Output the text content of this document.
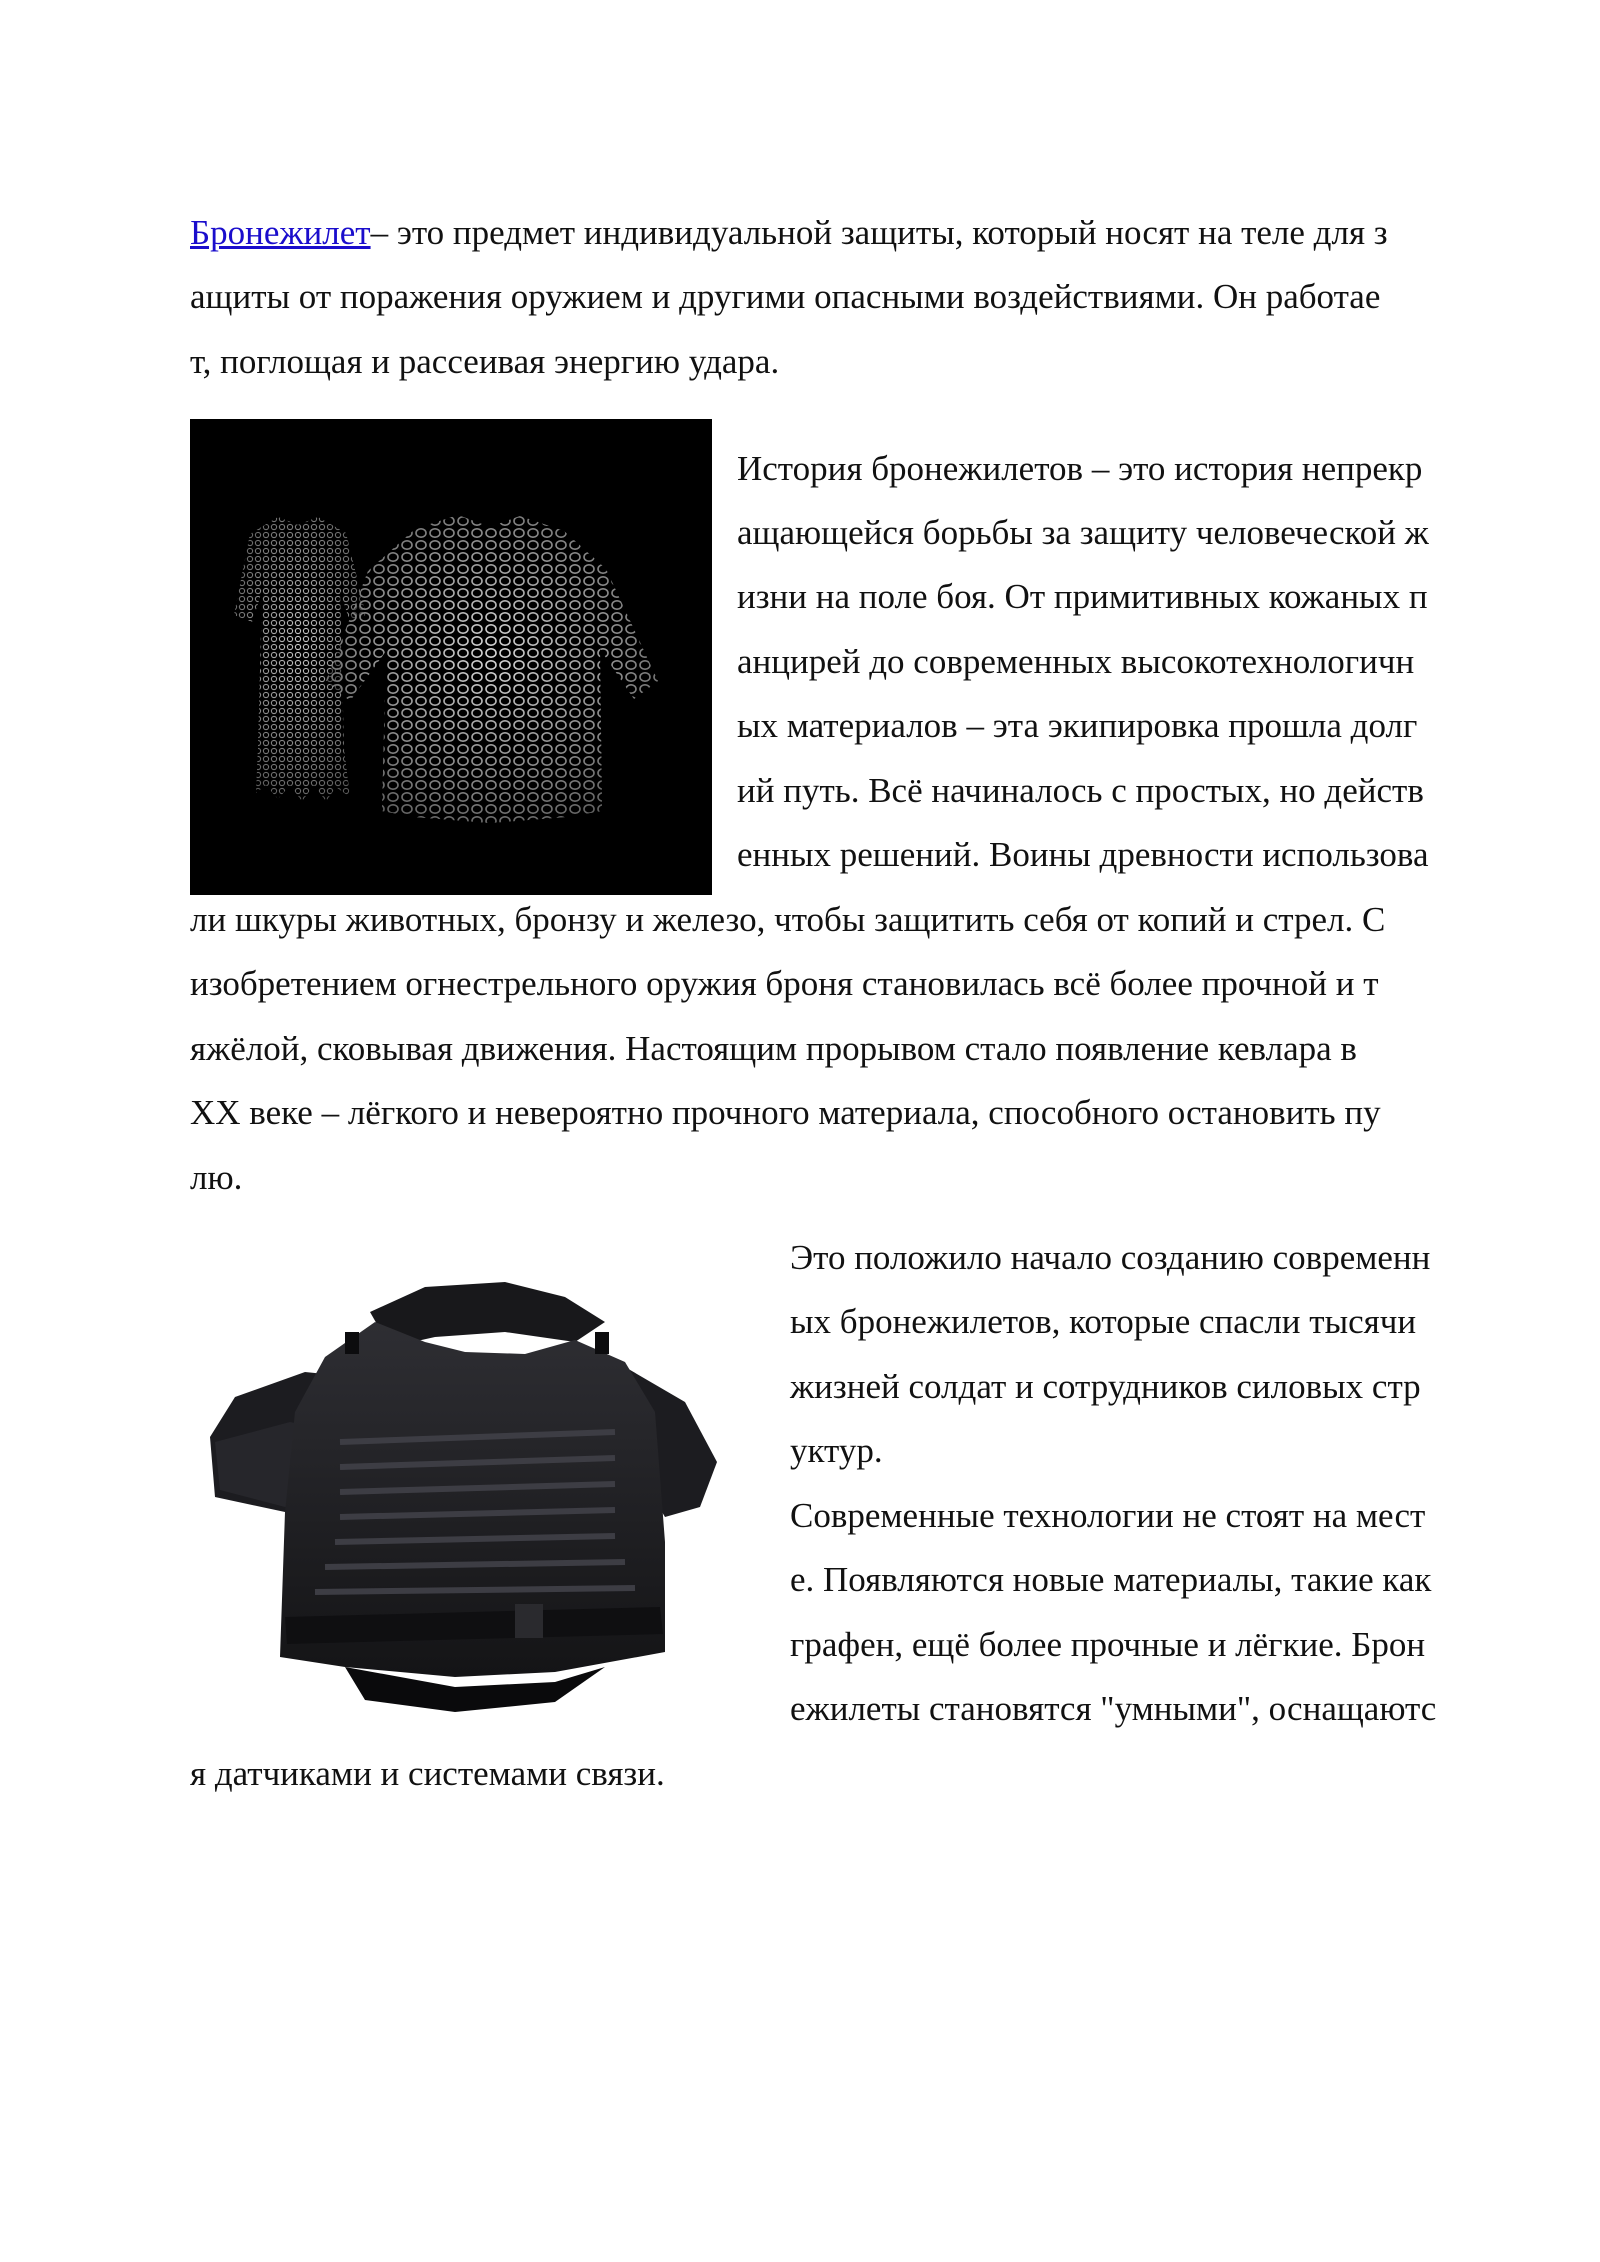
Бронежилет– это предмет индивидуальной защиты, который носят на теле для з
ащиты от поражения оружием и другими опасными воздействиями. Он работае
т, поглощая и рассеивая энергию удара.
История бронежилетов – это история непрекр
ащающейся борьбы за защиту человеческой ж
изни на поле боя. От примитивных кожаных п
анцирей до современных высокотехнологичн
ых материалов – эта экипировка прошла долг
ий путь. Всё начиналось с простых, но действ
енных решений. Воины древности использова
ли шкуры животных, бронзу и железо, чтобы защитить себя от копий и стрел. С
изобретением огнестрельного оружия броня становилась всё более прочной и т
яжёлой, сковывая движения. Настоящим прорывом стало появление кевлара в
XX веке – лёгкого и невероятно прочного материала, способного остановить пу
лю.
Это положило начало созданию современн
ых бронежилетов, которые спасли тысячи
жизней солдат и сотрудников силовых стр
уктур.
Современные технологии не стоят на мест
е. Появляются новые материалы, такие как
графен, ещё более прочные и лёгкие. Брон
ежилеты становятся "умными", оснащаютс
я датчиками и системами связи.
